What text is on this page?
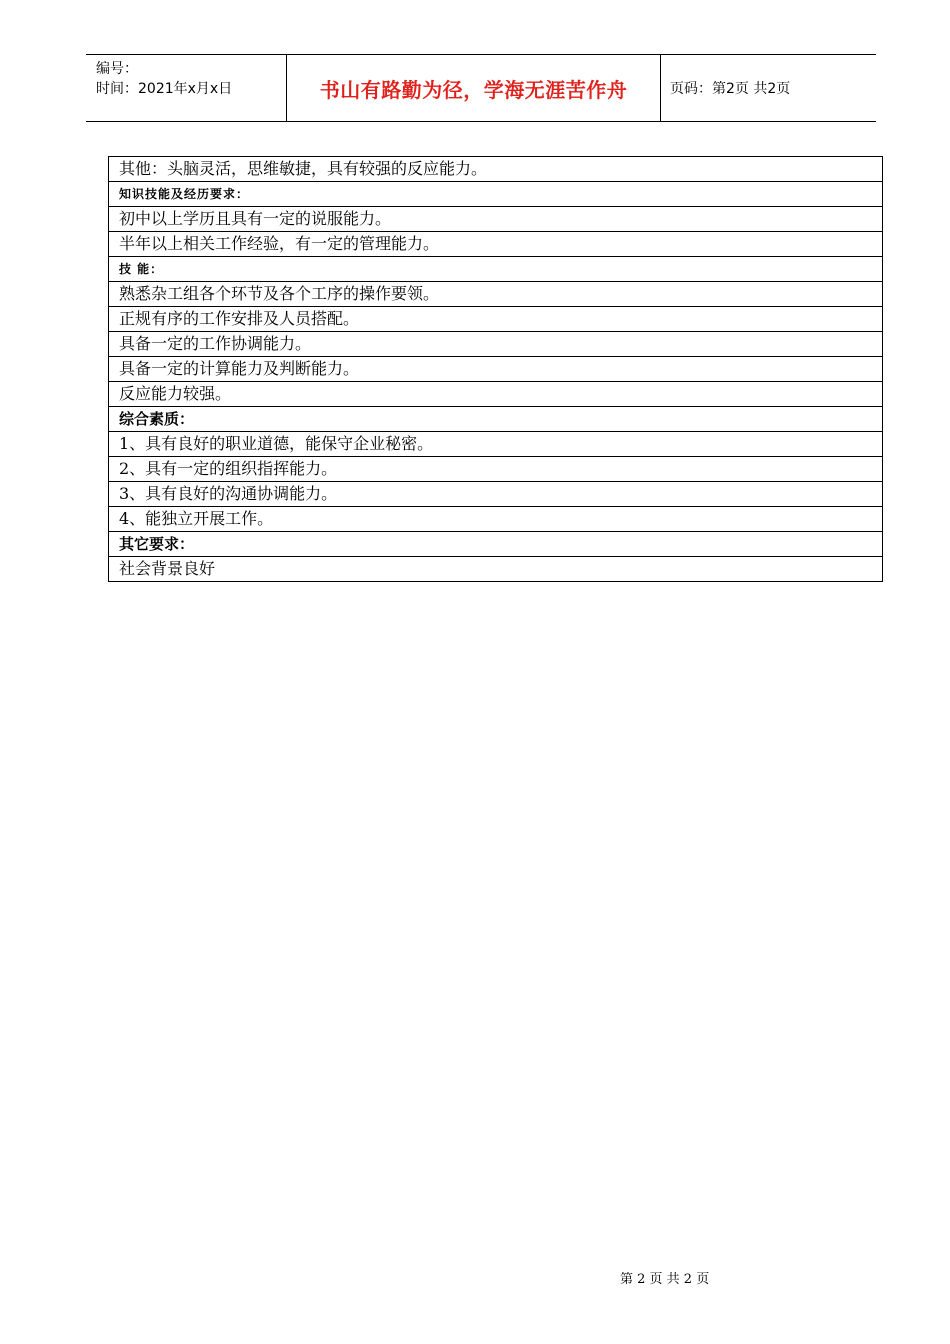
编号：
时间：2021年x月x日	书山有路勤为径，学海无涯苦作舟	页码：第2页 共2页
其他：头脑灵活，思维敏捷，具有较强的反应能力。
知识技能及经历要求：
初中以上学历且具有一定的说服能力。
半年以上相关工作经验，有一定的管理能力。
技 能：
熟悉杂工组各个环节及各个工序的操作要领。
正规有序的工作安排及人员搭配。
具备一定的工作协调能力。
具备一定的计算能力及判断能力。
反应能力较强。
综合素质：
1、具有良好的职业道德，能保守企业秘密。
2、具有一定的组织指挥能力。
3、具有良好的沟通协调能力。
4、能独立开展工作。
其它要求：
社会背景良好
第 2 页 共 2 页
